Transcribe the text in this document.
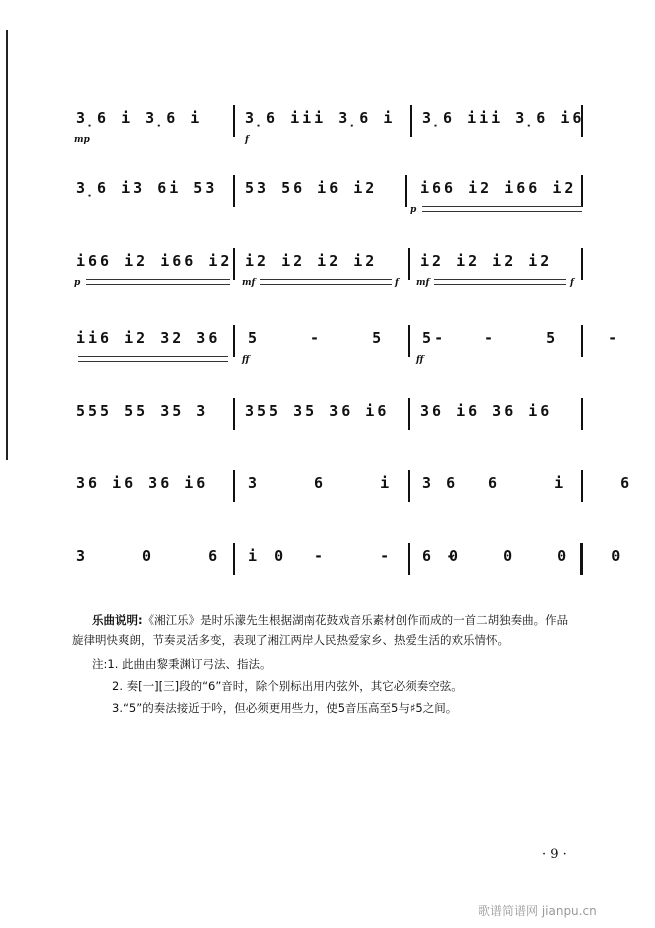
3̣6 i 3̣6 i	3̣6 iii 3̣6 i 3̣6 iii 3̣6 i6
mp	f
3̣6 i3 6i 53 53 56 i6 i2	i66 i2 i66 i2
p
i66 i2 i66 i2 i2 i2 i2 i2	i2 i2 i2 i2
p	mf	f mf	f
ii6 i2 32 36 5 - 5 -
5 - 5 -
ff	ff
555 55 35 3 355 35 36 i6 36 i6 36 i6
36 i6 36 i6	3 6 i 6
3 6 i 6
3 0 6 0
i - - -
60 0 0 0
乐曲说明:《湘江乐》是时乐濛先生根据湖南花鼓戏音乐素材创作而成的一首二胡独奏曲。作品
旋律明快爽朗，节奏灵活多变，表现了湘江两岸人民热爱家乡、热爱生活的欢乐情怀。
注:1. 此曲由黎秉渊订弓法、指法。
2. 奏[一][三]段的“6”音时，除个别标出用内弦外，其它必须奏空弦。
3.“5”的奏法接近于吟，但必须更用些力，使5音压高至5与♯5之间。
· 9 ·
歌谱简谱网 jianpu.cn
